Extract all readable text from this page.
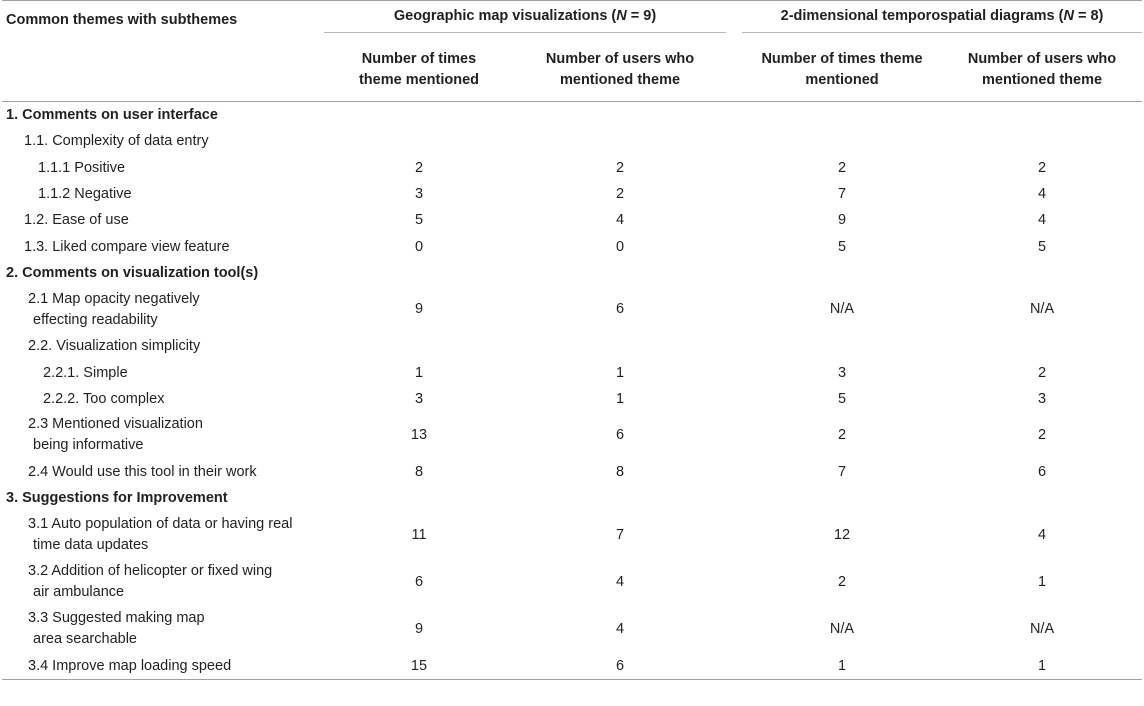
Common themes with subthemes	Geographic map visualizations (N = 9)			2-dimensional temporospatial diagrams (N = 8)	
	Number of times theme mentioned	Number of users who mentioned theme		Number of times theme mentioned	Number of users who mentioned theme
1. Comments on user interface					
1.1. Complexity of data entry					
1.1.1 Positive	2	2		2	2
1.1.2 Negative	3	2		7	4
1.2. Ease of use	5	4		9	4
1.3. Liked compare view feature	0	0		5	5
2. Comments on visualization tool(s)					
2.1 Map opacity negatively
effecting readability	9	6		N/A	N/A
2.2. Visualization simplicity					
2.2.1. Simple	1	1		3	2
2.2.2. Too complex	3	1		5	3
2.3 Mentioned visualization
being informative	13	6		2	2
2.4 Would use this tool in their work	8	8		7	6
3. Suggestions for Improvement					
3.1 Auto population of data or having real
time data updates	11	7		12	4
3.2 Addition of helicopter or fixed wing
air ambulance	6	4		2	1
3.3 Suggested making map
area searchable	9	4		N/A	N/A
3.4 Improve map loading speed	15	6		1	1
